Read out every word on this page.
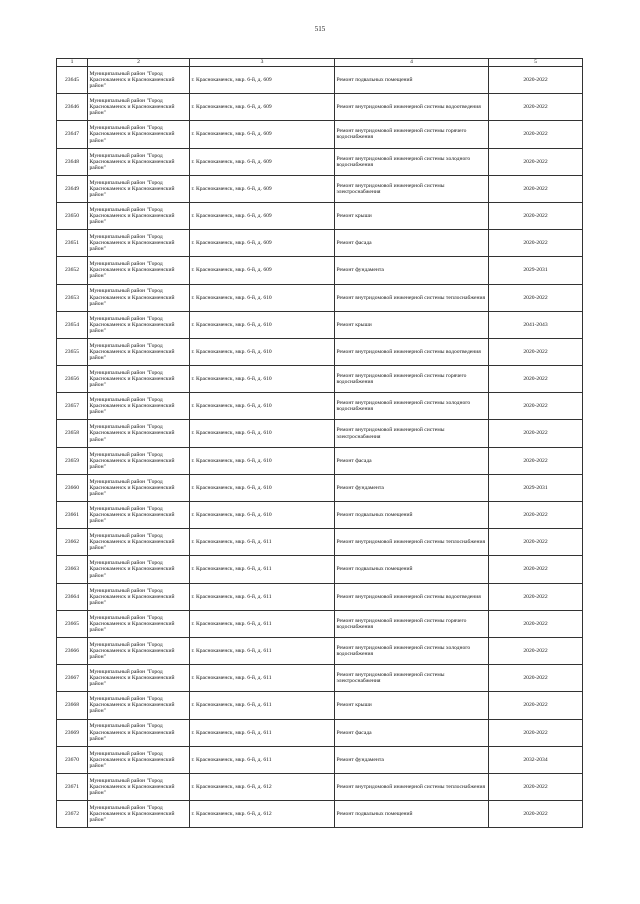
515
1	2	3	4	5
23645	Муниципальный район "Город Краснокаменск и Краснокаменский район"	г. Краснокаменск, мкр. 6-й, д. 609	Ремонт подвальных помещений	2020-2022
23646	Муниципальный район "Город Краснокаменск и Краснокаменский район"	г. Краснокаменск, мкр. 6-й, д. 609	Ремонт внутридомовой инженерной системы водоотведения	2020-2022
23647	Муниципальный район "Город Краснокаменск и Краснокаменский район"	г. Краснокаменск, мкр. 6-й, д. 609	Ремонт внутридомовой инженерной системы горячего водоснабжения	2020-2022
23648	Муниципальный район "Город Краснокаменск и Краснокаменский район"	г. Краснокаменск, мкр. 6-й, д. 609	Ремонт внутридомовой инженерной системы холодного водоснабжения	2020-2022
23649	Муниципальный район "Город Краснокаменск и Краснокаменский район"	г. Краснокаменск, мкр. 6-й, д. 609	Ремонт внутридомовой инженерной системы электроснабжения	2020-2022
23650	Муниципальный район "Город Краснокаменск и Краснокаменский район"	г. Краснокаменск, мкр. 6-й, д. 609	Ремонт крыши	2020-2022
23651	Муниципальный район "Город Краснокаменск и Краснокаменский район"	г. Краснокаменск, мкр. 6-й, д. 609	Ремонт фасада	2020-2022
23652	Муниципальный район "Город Краснокаменск и Краснокаменский район"	г. Краснокаменск, мкр. 6-й, д. 609	Ремонт фундамента	2029-2031
23653	Муниципальный район "Город Краснокаменск и Краснокаменский район"	г. Краснокаменск, мкр. 6-й, д. 610	Ремонт внутридомовой инженерной системы теплоснабжения	2020-2022
23654	Муниципальный район "Город Краснокаменск и Краснокаменский район"	г. Краснокаменск, мкр. 6-й, д. 610	Ремонт крыши	2041-2043
23655	Муниципальный район "Город Краснокаменск и Краснокаменский район"	г. Краснокаменск, мкр. 6-й, д. 610	Ремонт внутридомовой инженерной системы водоотведения	2020-2022
23656	Муниципальный район "Город Краснокаменск и Краснокаменский район"	г. Краснокаменск, мкр. 6-й, д. 610	Ремонт внутридомовой инженерной системы горячего водоснабжения	2020-2022
23657	Муниципальный район "Город Краснокаменск и Краснокаменский район"	г. Краснокаменск, мкр. 6-й, д. 610	Ремонт внутридомовой инженерной системы холодного водоснабжения	2020-2022
23658	Муниципальный район "Город Краснокаменск и Краснокаменский район"	г. Краснокаменск, мкр. 6-й, д. 610	Ремонт внутридомовой инженерной системы электроснабжения	2020-2022
23659	Муниципальный район "Город Краснокаменск и Краснокаменский район"	г. Краснокаменск, мкр. 6-й, д. 610	Ремонт фасада	2020-2022
23660	Муниципальный район "Город Краснокаменск и Краснокаменский район"	г. Краснокаменск, мкр. 6-й, д. 610	Ремонт фундамента	2029-2031
23661	Муниципальный район "Город Краснокаменск и Краснокаменский район"	г. Краснокаменск, мкр. 6-й, д. 610	Ремонт подвальных помещений	2020-2022
23662	Муниципальный район "Город Краснокаменск и Краснокаменский район"	г. Краснокаменск, мкр. 6-й, д. 611	Ремонт внутридомовой инженерной системы теплоснабжения	2020-2022
23663	Муниципальный район "Город Краснокаменск и Краснокаменский район"	г. Краснокаменск, мкр. 6-й, д. 611	Ремонт подвальных помещений	2020-2022
23664	Муниципальный район "Город Краснокаменск и Краснокаменский район"	г. Краснокаменск, мкр. 6-й, д. 611	Ремонт внутридомовой инженерной системы водоотведения	2020-2022
23665	Муниципальный район "Город Краснокаменск и Краснокаменский район"	г. Краснокаменск, мкр. 6-й, д. 611	Ремонт внутридомовой инженерной системы горячего водоснабжения	2020-2022
23666	Муниципальный район "Город Краснокаменск и Краснокаменский район"	г. Краснокаменск, мкр. 6-й, д. 611	Ремонт внутридомовой инженерной системы холодного водоснабжения	2020-2022
23667	Муниципальный район "Город Краснокаменск и Краснокаменский район"	г. Краснокаменск, мкр. 6-й, д. 611	Ремонт внутридомовой инженерной системы электроснабжения	2020-2022
23668	Муниципальный район "Город Краснокаменск и Краснокаменский район"	г. Краснокаменск, мкр. 6-й, д. 611	Ремонт крыши	2020-2022
23669	Муниципальный район "Город Краснокаменск и Краснокаменский район"	г. Краснокаменск, мкр. 6-й, д. 611	Ремонт фасада	2020-2022
23670	Муниципальный район "Город Краснокаменск и Краснокаменский район"	г. Краснокаменск, мкр. 6-й, д. 611	Ремонт фундамента	2032-2034
23671	Муниципальный район "Город Краснокаменск и Краснокаменский район"	г. Краснокаменск, мкр. 6-й, д. 612	Ремонт внутридомовой инженерной системы теплоснабжения	2020-2022
23672	Муниципальный район "Город Краснокаменск и Краснокаменский район"	г. Краснокаменск, мкр. 6-й, д. 612	Ремонт подвальных помещений	2020-2022
